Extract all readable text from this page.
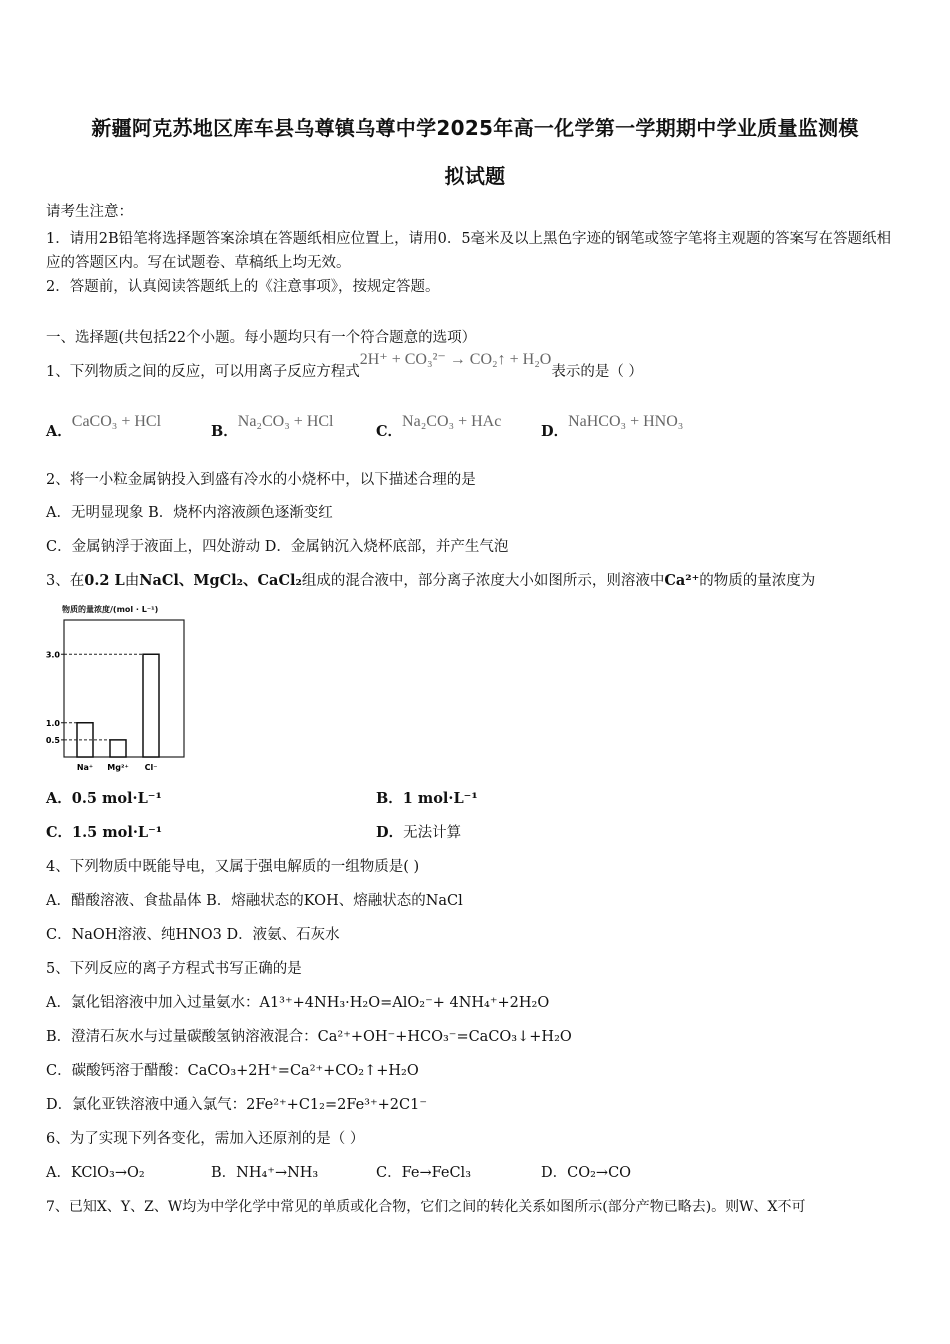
新疆阿克苏地区库车县乌尊镇乌尊中学2025年高一化学第一学期期中学业质量监测模
拟试题
请考生注意：
1．请用2B铅笔将选择题答案涂填在答题纸相应位置上，请用0．5毫米及以上黑色字迹的钢笔或签字笔将主观题的答案写在答题纸相应的答题区内。写在试题卷、草稿纸上均无效。
2．答题前，认真阅读答题纸上的《注意事项》，按规定答题。
一、选择题(共包括22个小题。每小题均只有一个符合题意的选项）
1、下列物质之间的反应，可以用离子反应方程式2H⁺ + CO₃²⁻ → CO₂↑ + H₂O表示的是（ ）
A．CaCO₃ + HCl
B．Na₂CO₃ + HCl
C．Na₂CO₃ + HAc
D．NaHCO₃ + HNO₃
2、将一小粒金属钠投入到盛有冷水的小烧杯中，以下描述合理的是
A．无明显现象 B．烧杯内溶液颜色逐渐变红
C．金属钠浮于液面上，四处游动 D．金属钠沉入烧杯底部，并产生气泡
3、在0.2 L由NaCl、MgCl₂、CaCl₂组成的混合液中，部分离子浓度大小如图所示，则溶液中Ca²⁺的物质的量浓度为
物质的量浓度/(mol · L⁻¹)
Na⁺ Mg²⁺ Cl⁻
3.0
1.0
0.5
A．0.5 mol·L⁻¹	B．1 mol·L⁻¹
C．1.5 mol·L⁻¹	D．无法计算
4、下列物质中既能导电，又属于强电解质的一组物质是( )
A．醋酸溶液、食盐晶体 B．熔融状态的KOH、熔融状态的NaCl
C．NaOH溶液、纯HNO3 D．液氨、石灰水
5、下列反应的离子方程式书写正确的是
A．氯化铝溶液中加入过量氨水：A1³⁺+4NH₃·H₂O=AlO₂⁻+ 4NH₄⁺+2H₂O
B．澄清石灰水与过量碳酸氢钠溶液混合：Ca²⁺+OH⁻+HCO₃⁻=CaCO₃↓+H₂O
C．碳酸钙溶于醋酸：CaCO₃+2H⁺=Ca²⁺+CO₂↑+H₂O
D．氯化亚铁溶液中通入氯气：2Fe²⁺+C1₂=2Fe³⁺+2C1⁻
6、为了实现下列各变化，需加入还原剂的是（ ）
A．KClO₃→O₂	B．NH₄⁺→NH₃	C．Fe→FeCl₃	D．CO₂→CO
7、已知X、Y、Z、W均为中学化学中常见的单质或化合物，它们之间的转化关系如图所示(部分产物已略去)。则W、X不可
